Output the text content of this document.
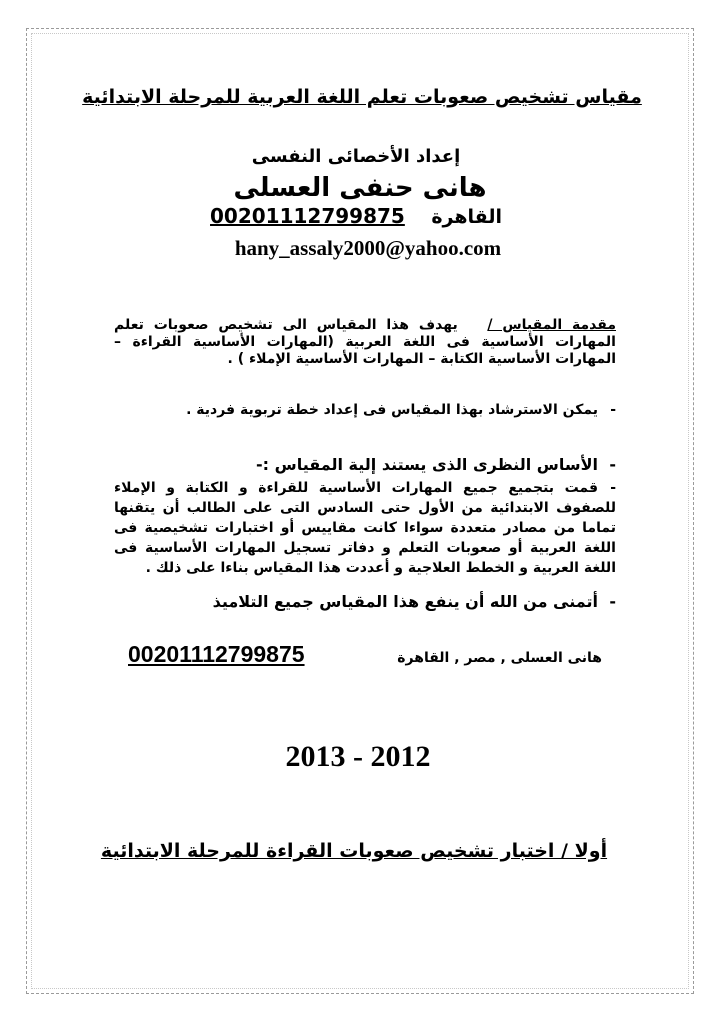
مقياس تشخيص صعوبات تعلم اللغة العربية للمرحلة الابتدائية
إعداد الأخصائى النفسى
هانى حنفى العسلى
القاهرة    00201112799875
hany_assaly2000@yahoo.com
مقدمة المقياس /   يهدف هذا المقياس الى تشخيص صعوبات تعلم المهارات الأساسية فى اللغة العربية (المهارات الأساسية القراءة – المهارات الأساسية الكتابة – المهارات الأساسية الإملاء ) .
-يمكن الاسترشاد بهذا المقياس فى إعداد خطة تربوية فردية .
-الأساس النظرى الذى يستند إلية المقياس :-
-قمت بتجميع جميع المهارات الأساسية للقراءة و الكتابة و الإملاء للصفوف الابتدائية من الأول حتى السادس التى على الطالب أن يتقنها تماما من مصادر متعددة سواءا كانت مقاييس أو اختبارات تشخيصية فى اللغة العربية أو صعوبات التعلم و دفاتر تسجيل المهارات الأساسية فى اللغة العربية و الخطط العلاجية و أعددت هذا المقياس بناءا على ذلك .
-أتمنى من الله أن ينفع هذا المقياس جميع التلاميذ
00201112799875	هانى العسلى , مصر , القاهرة
2013 - 2012
أولا / اختبار تشخيص صعوبات القراءة للمرحلة الابتدائية
